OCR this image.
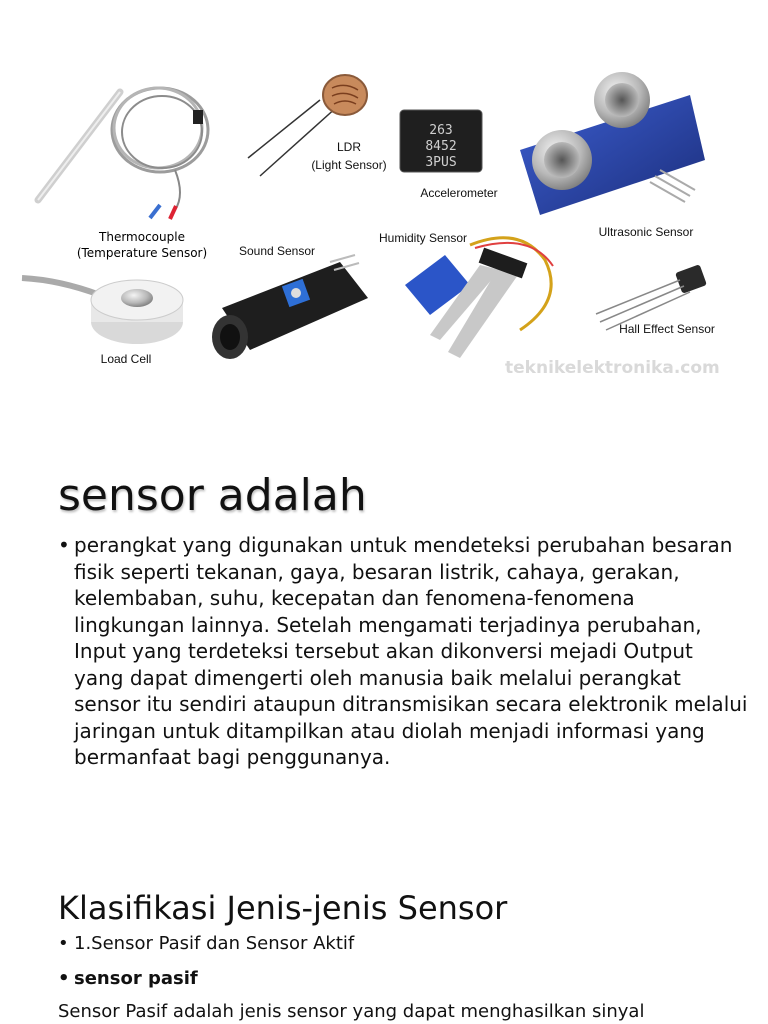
Thermocouple
(Temperature Sensor)
LDR
(Light Sensor)
263
8452
3PUS
Accelerometer
Ultrasonic Sensor
Load Cell
Sound Sensor
Humidity Sensor
Hall Effect Sensor
teknikelektronika.com
sensor adalah
• perangkat yang digunakan untuk mendeteksi perubahan besaran fisik seperti tekanan, gaya, besaran listrik, cahaya, gerakan, kelembaban, suhu, kecepatan dan fenomena-fenomena lingkungan lainnya. Setelah mengamati terjadinya perubahan, Input yang terdeteksi tersebut akan dikonversi mejadi Output yang dapat dimengerti oleh manusia baik melalui perangkat sensor itu sendiri ataupun ditransmisikan secara elektronik melalui jaringan untuk ditampilkan atau diolah menjadi informasi yang bermanfaat bagi penggunanya.
Klasifikasi Jenis-jenis Sensor
• 1.Sensor Pasif dan Sensor Aktif
• sensor pasif
Sensor Pasif adalah jenis sensor yang dapat menghasilkan sinyal
